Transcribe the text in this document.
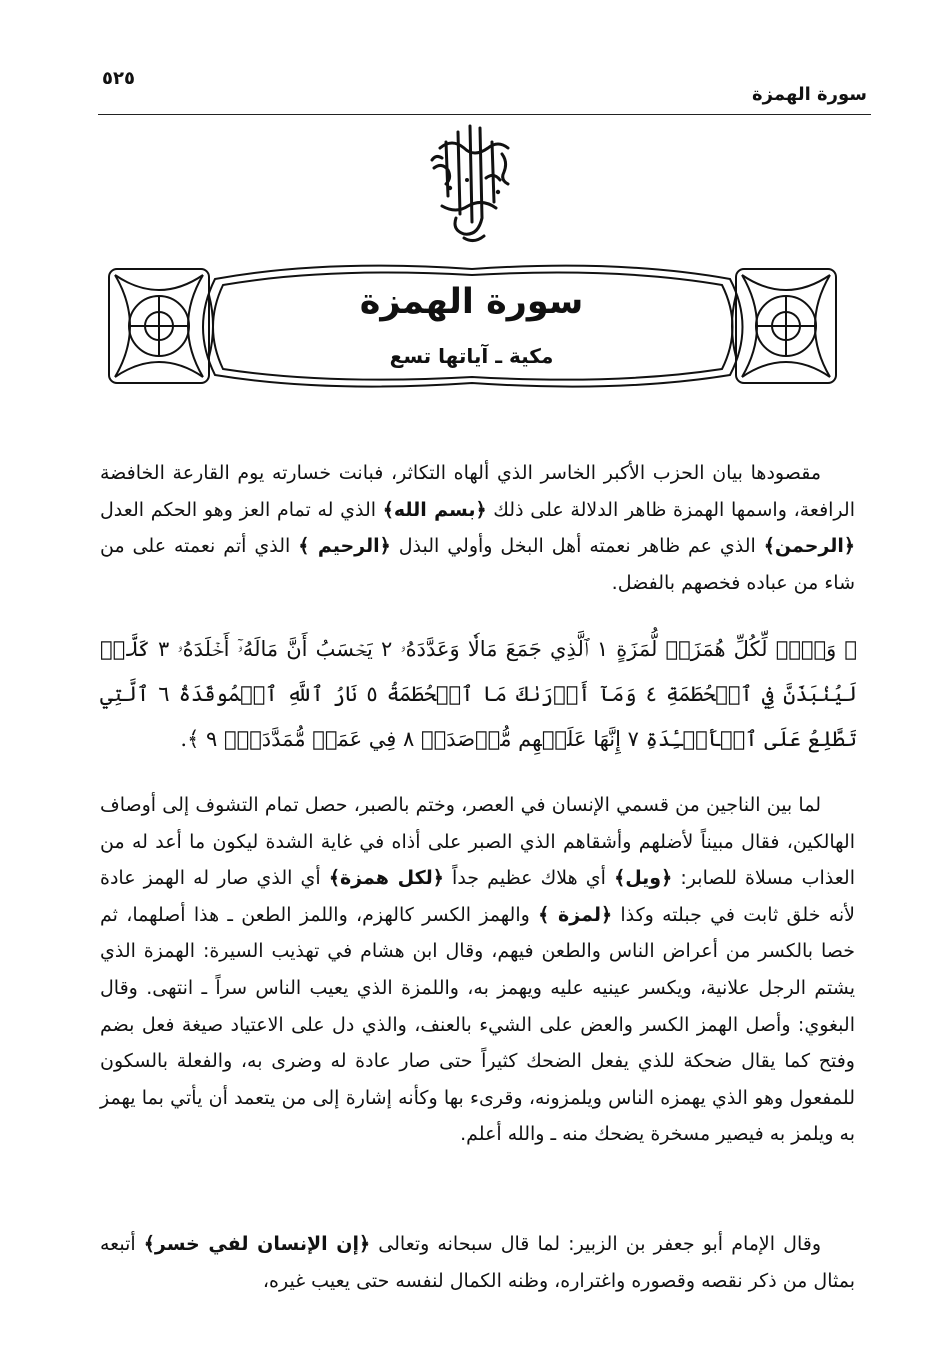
سورة الهمزة
٥٢٥
سورة الهمزة
مكية ـ آياتها تسع

مقصودها بيان الحزب الأكبر الخاسر الذي ألهاه التكاثر، فبانت خسارته يوم القارعة الخافضة الرافعة، واسمها الهمزة ظاهر الدلالة على ذلك ﴿بسم الله﴾ الذي له تمام العز وهو الحكم العدل ﴿الرحمن﴾ الذي عم ظاهر نعمته أهل البخل وأولي البذل ﴿الرحيم ﴾ الذي أتم نعمته على من شاء من عباده فخصهم بالفضل.

﴿ وَيۡلٞ لِّكُلِّ هُمَزَةٖ لُّمَزَةٍ ١ ٱلَّذِي جَمَعَ مَالٗا وَعَدَّدَهُۥ ٢ يَحۡسَبُ أَنَّ مَالَهُۥٓ أَخۡلَدَهُۥ ٣ كَلَّاۖ لَيُنۢبَذَنَّ فِي ٱلۡحُطَمَةِ ٤ وَمَآ أَدۡرَىٰكَ مَا ٱلۡحُطَمَةُ ٥ نَارُ ٱللَّهِ ٱلۡمُوقَدَةُ ٦ ٱلَّتِي تَطَّلِعُ عَلَى ٱلۡأَفۡـِٔدَةِ ٧ إِنَّهَا عَلَيۡهِم مُّؤۡصَدَةٞ ٨ فِي عَمَدٖ مُّمَدَّدَةِۭ ٩ ﴾.

لما بين الناجين من قسمي الإنسان في العصر، وختم بالصبر، حصل تمام التشوف إلى أوصاف الهالكين، فقال مبيناً لأضلهم وأشقاهم الذي الصبر على أذاه في غاية الشدة ليكون ما أعد له من العذاب مسلاة للصابر: ﴿ويل﴾ أي هلاك عظيم جداً ﴿لكل همزة﴾ أي الذي صار له الهمز عادة لأنه خلق ثابت في جبلته وكذا ﴿لمزة ﴾ والهمز الكسر كالهزم، واللمز الطعن ـ هذا أصلهما، ثم خصا بالكسر من أعراض الناس والطعن فيهم، وقال ابن هشام في تهذيب السيرة: الهمزة الذي يشتم الرجل علانية، ويكسر عينيه عليه ويهمز به، واللمزة الذي يعيب الناس سراً ـ انتهى. وقال البغوي: وأصل الهمز الكسر والعض على الشيء بالعنف، والذي دل على الاعتياد صيغة فعل بضم وفتح كما يقال ضحكة للذي يفعل الضحك كثيراً حتى صار عادة له وضرى به، والفعلة بالسكون للمفعول وهو الذي يهمزه الناس ويلمزونه، وقرىء بها وكأنه إشارة إلى من يتعمد أن يأتي بما يهمز به ويلمز به فيصير مسخرة يضحك منه ـ والله أعلم.

وقال الإمام أبو جعفر بن الزبير: لما قال سبحانه وتعالى ﴿إن الإنسان لفي خسر﴾ أتبعه بمثال من ذكر نقصه وقصوره واغتراره، وظنه الكمال لنفسه حتى يعيب غيره،
